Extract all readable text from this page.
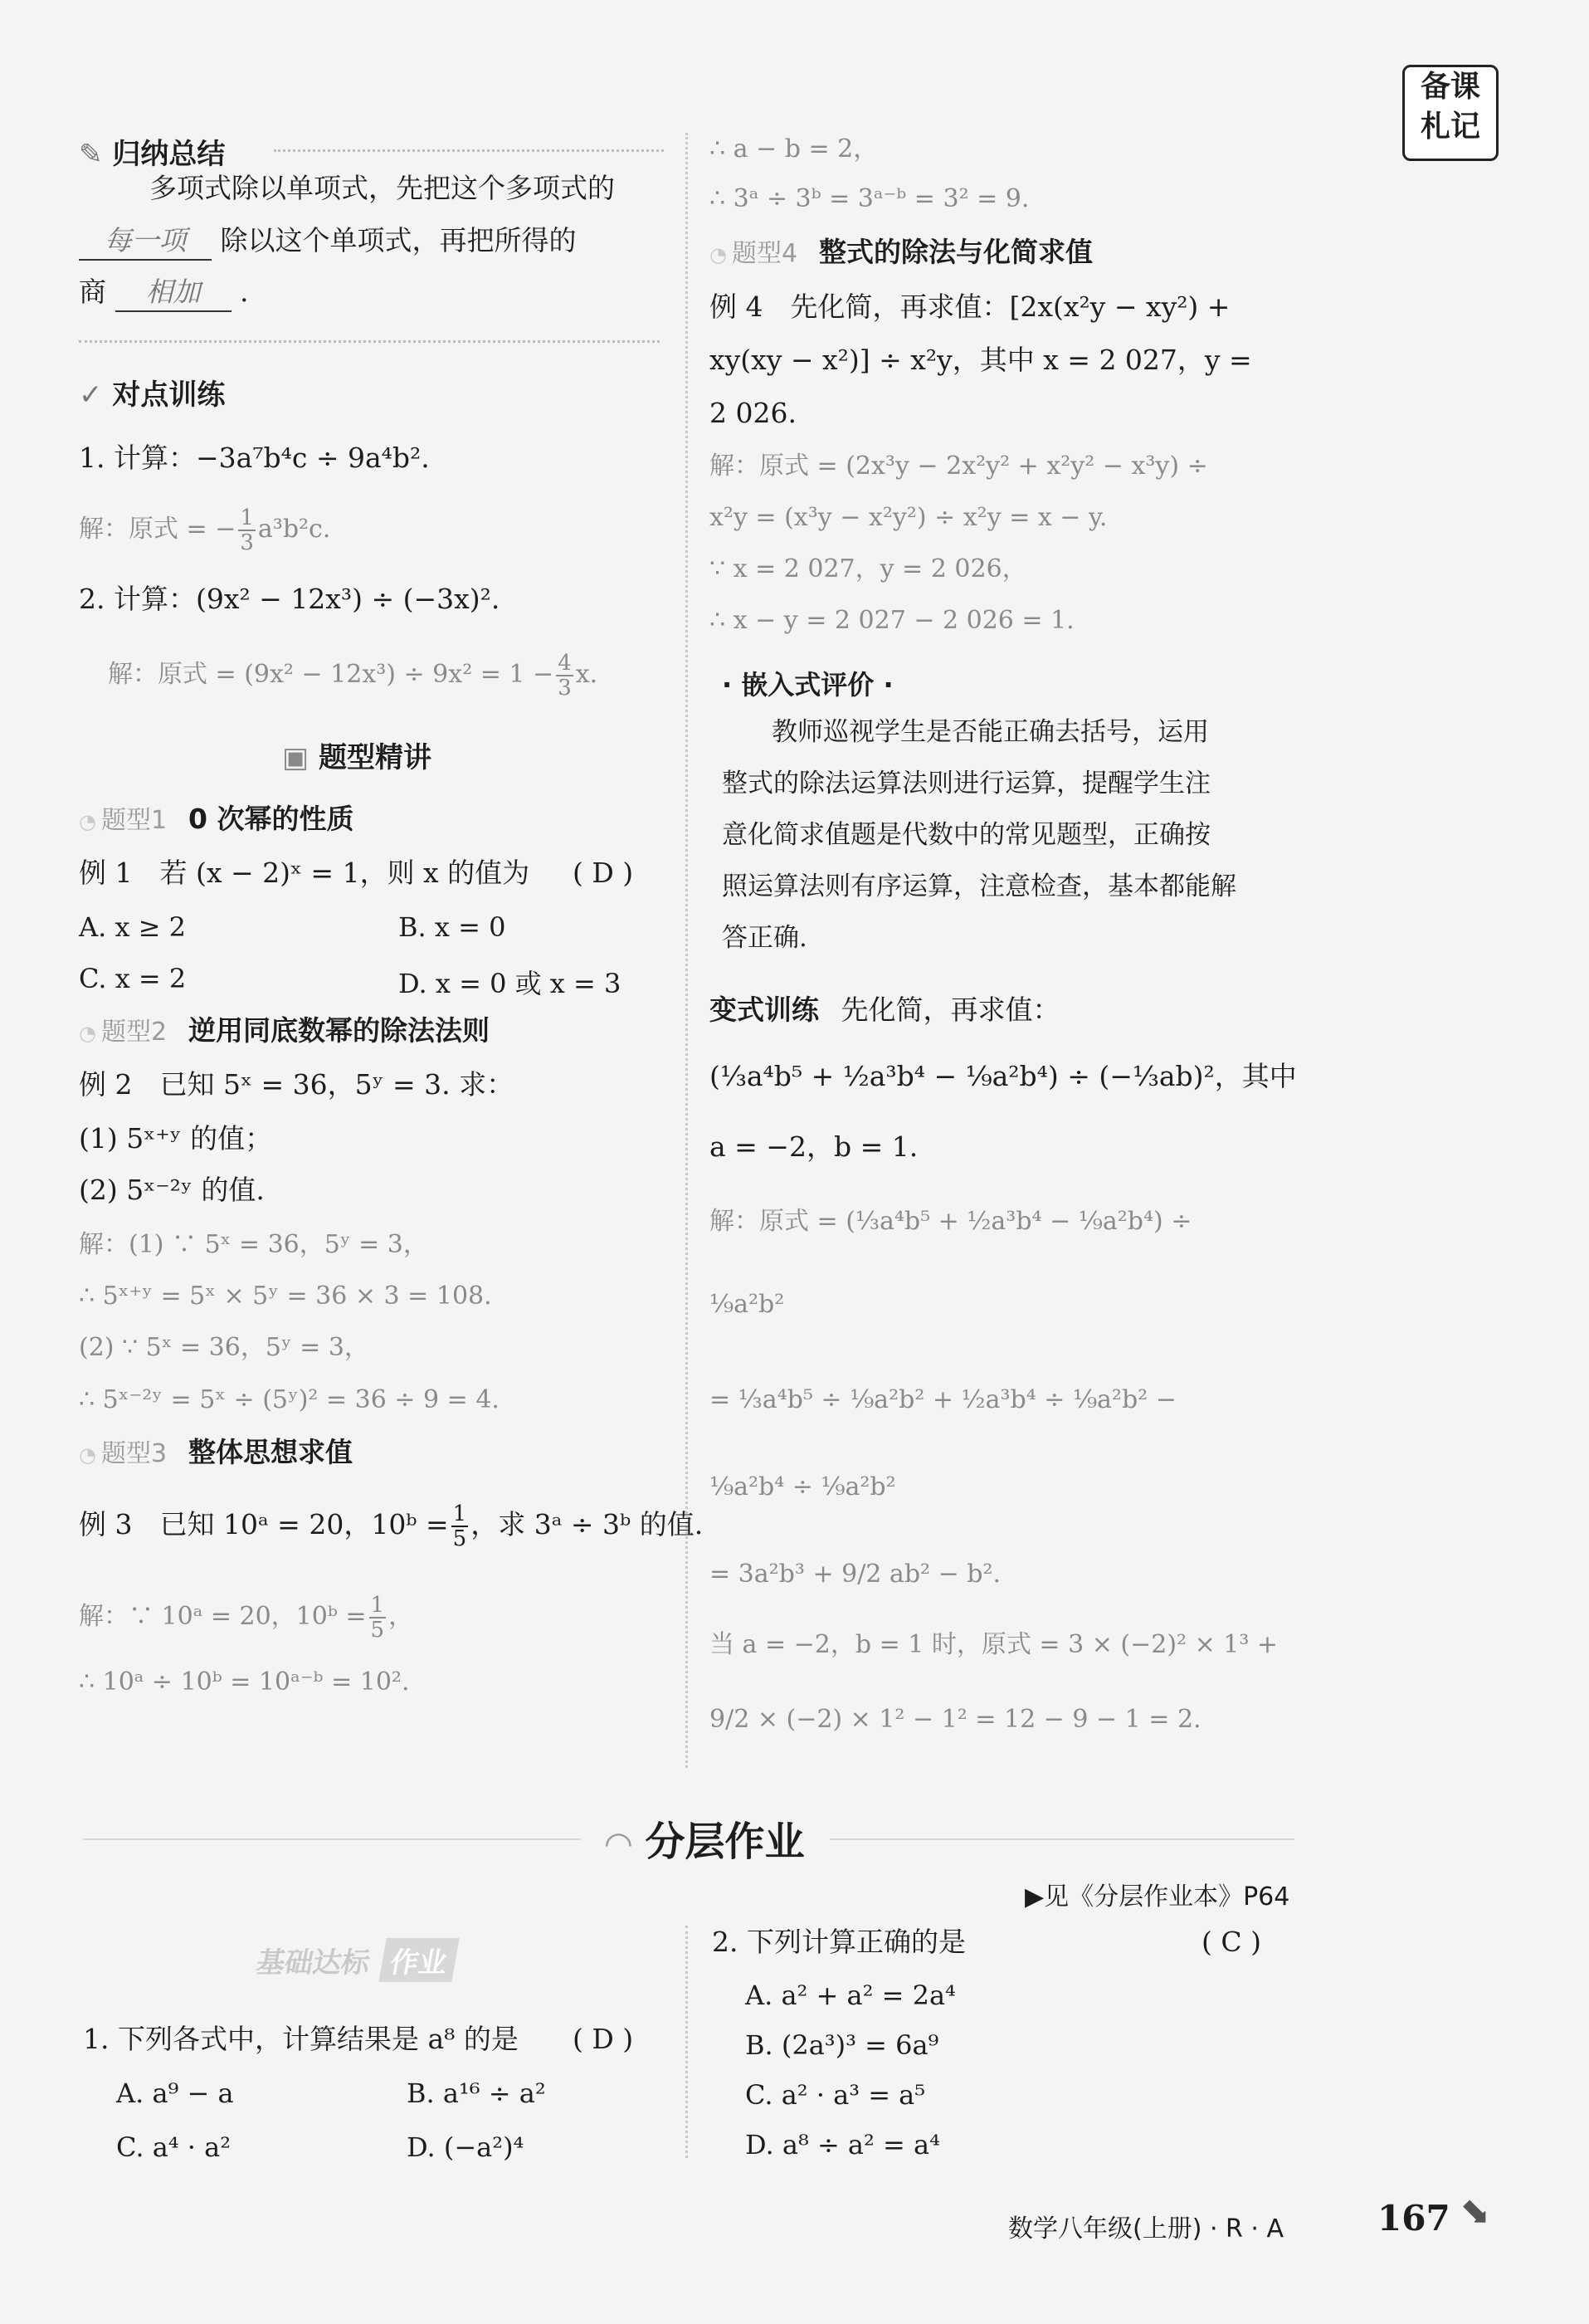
备课
札记
✎ 归纳总结
多项式除以单项式，先把这个多项式的
每一项 除以这个单项式，再把所得的
商 相加 .
✓ 对点训练
1. 计算：−3a⁷b⁴c ÷ 9a⁴b².
解：原式 = − $\frac{1}{3} a^3b^2c$.
2. 计算：(9x² − 12x³) ÷ (−3x)².
解：原式 = $(9x^2 - 12x^3) \div 9x^2 = 1 - \frac{4}{3} x$.
▣ 题型精讲
◔ 题型1 0 次幂的性质
例 1　若 (x − 2)ˣ = 1，则 x 的值为 ( D )
A. x ≥ 2	B. x = 0
C. x = 2	D. x = 0 或 x = 3
◔ 题型2 逆用同底数幂的除法法则
例 2　已知 5ˣ = 36，5ʸ = 3. 求：
(1) 5ˣ⁺ʸ 的值；
(2) 5ˣ⁻²ʸ 的值.
解：(1) ∵ 5ˣ = 36，5ʸ = 3，
∴ 5ˣ⁺ʸ = 5ˣ × 5ʸ = 36 × 3 = 108.
(2) ∵ 5ˣ = 36，5ʸ = 3，
∴ 5ˣ⁻²ʸ = 5ˣ ÷ (5ʸ)² = 36 ÷ 9 = 4.
◔ 题型3 整体思想求值
例 3　已知 10ᵃ = 20，10ᵇ = $\frac{1}{5}$ ，求 3ᵃ ÷ 3ᵇ 的值.
解：∵ 10ᵃ = 20，10ᵇ = $\frac{1}{5}$ ，
∴ 10ᵃ ÷ 10ᵇ = 10ᵃ⁻ᵇ = 10².
∴ a − b = 2，
∴ 3ᵃ ÷ 3ᵇ = 3ᵃ⁻ᵇ = 3² = 9.
◔ 题型4 整式的除法与化简求值
例 4　先化简，再求值：[2x(x²y − xy²) +
xy(xy − x²)] ÷ x²y，其中 x = 2 027，y =
2 026.
解：原式 = (2x³y − 2x²y² + x²y² − x³y) ÷
x²y = (x³y − x²y²) ÷ x²y = x − y.
∵ x = 2 027，y = 2 026，
∴ x − y = 2 027 − 2 026 = 1.
· 嵌入式评价 ·
教师巡视学生是否能正确去括号，运用
整式的除法运算法则进行运算，提醒学生注
意化简求值题是代数中的常见题型，正确按
照运算法则有序运算，注意检查，基本都能解
答正确.
变式训练 先化简，再求值：
(⅓a⁴b⁵ + ½a³b⁴ − ⅑a²b⁴) ÷ (−⅓ab)²，其中
a = −2，b = 1.
解：原式 = (⅓a⁴b⁵ + ½a³b⁴ − ⅑a²b⁴) ÷
⅑a²b²
= ⅓a⁴b⁵ ÷ ⅑a²b² + ½a³b⁴ ÷ ⅑a²b² −
⅑a²b⁴ ÷ ⅑a²b²
= 3a²b³ + 9/2 ab² − b².
当 a = −2，b = 1 时，原式 = 3 × (−2)² × 1³ +
9/2 × (−2) × 1² − 1² = 12 − 9 − 1 = 2.
◠ 分层作业
▶见《分层作业本》P64
基础达标 作业
1. 下列各式中，计算结果是 a⁸ 的是 ( D )
A. a⁹ − a	B. a¹⁶ ÷ a²
C. a⁴ · a²	D. (−a²)⁴
2. 下列计算正确的是	( C )
A. a² + a² = 2a⁴
B. (2a³)³ = 6a⁹
C. a² · a³ = a⁵
D. a⁸ ÷ a² = a⁴
数学八年级(上册) · R · A	167 ⬊
